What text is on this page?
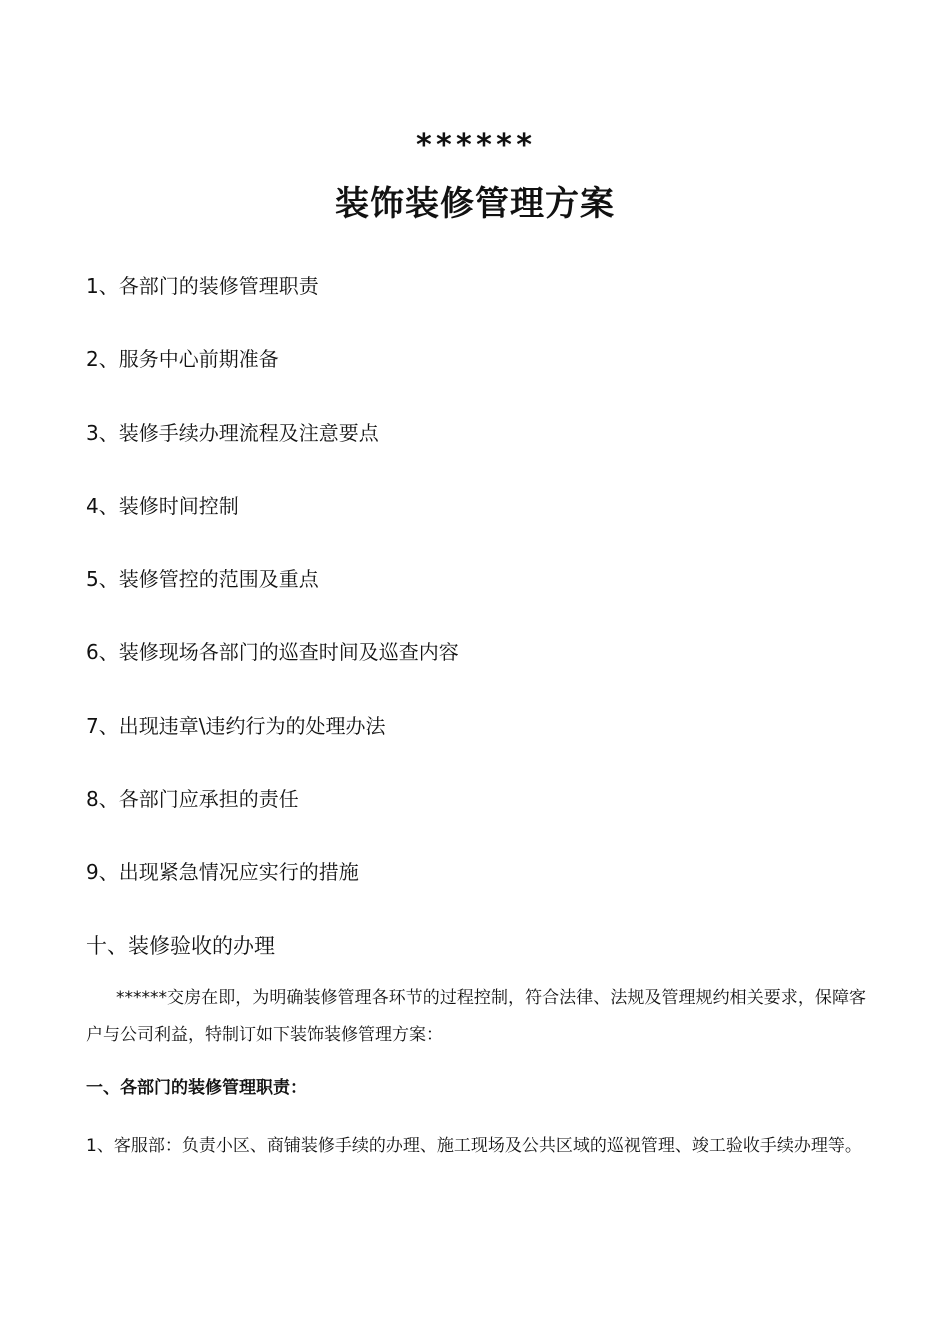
******
装饰装修管理方案
1、各部门的装修管理职责
2、服务中心前期准备
3、装修手续办理流程及注意要点
4、装修时间控制
5、装修管控的范围及重点
6、装修现场各部门的巡查时间及巡查内容
7、出现违章\违约行为的处理办法
8、各部门应承担的责任
9、出现紧急情况应实行的措施
十、装修验收的办理

******交房在即，为明确装修管理各环节的过程控制，符合法律、法规及管理规约相关要求，保障客户与公司利益，特制订如下装饰装修管理方案：

一、各部门的装修管理职责：

1、客服部：负责小区、商铺装修手续的办理、施工现场及公共区域的巡视管理、竣工验收手续办理等。
